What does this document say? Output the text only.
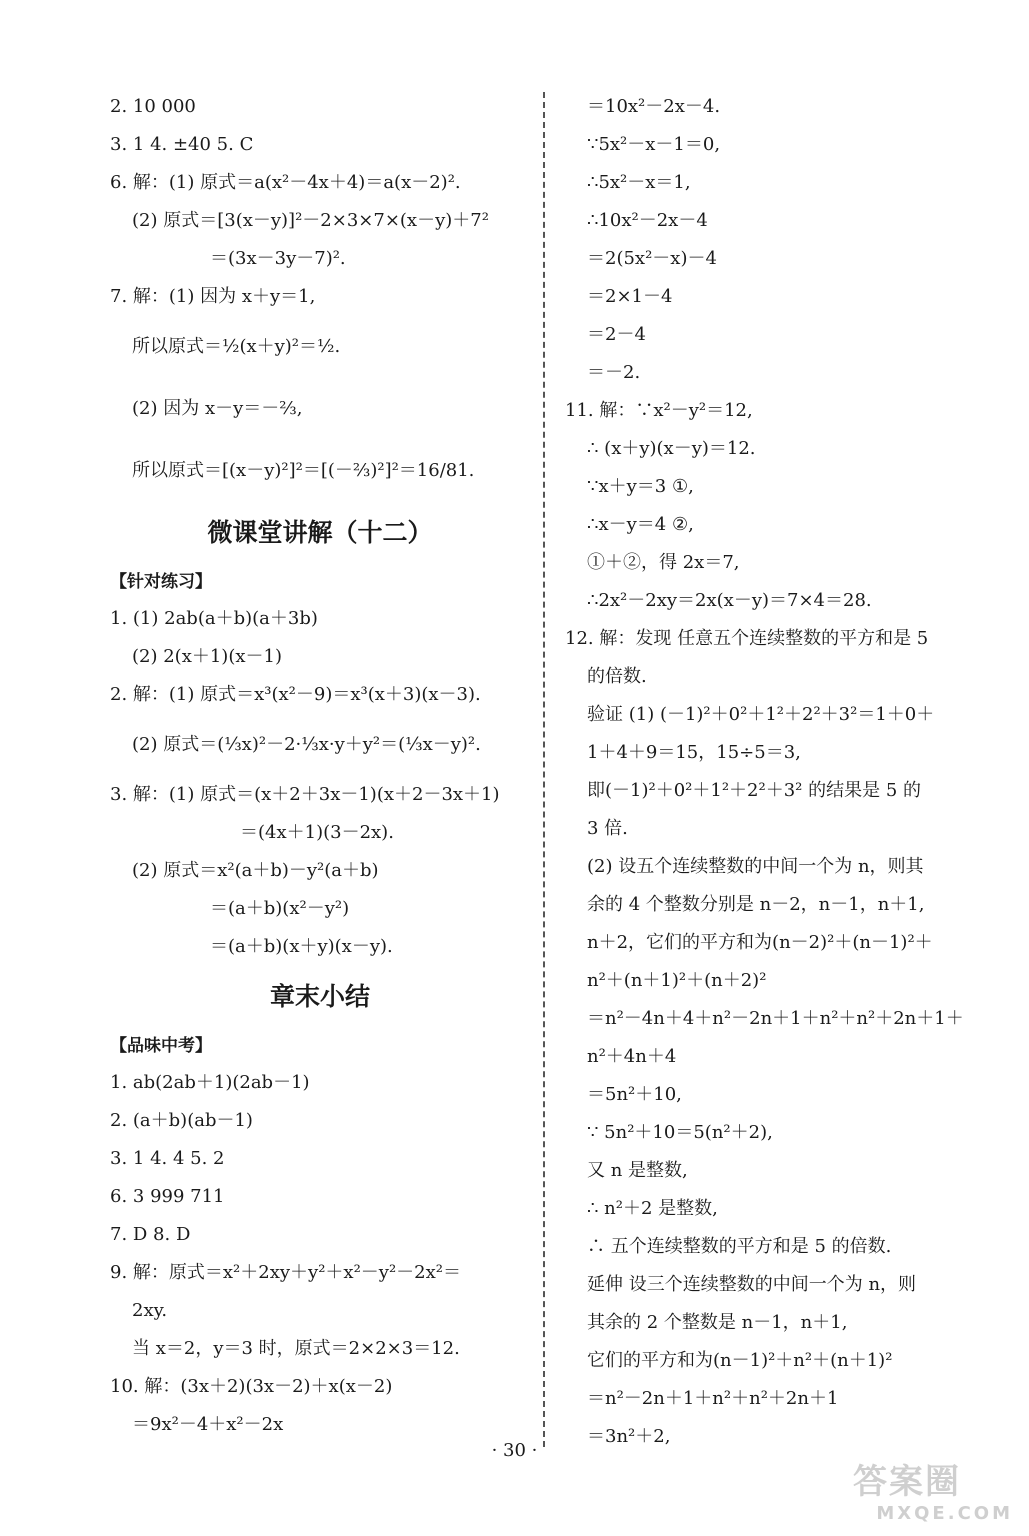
2. 10 000
3. 1 4. ±40 5. C
6. 解：(1) 原式＝a(x²－4x＋4)＝a(x－2)².
(2) 原式＝[3(x－y)]²－2×3×7×(x－y)＋7²
＝(3x－3y－7)².
7. 解：(1) 因为 x＋y＝1,
所以原式＝½(x＋y)²＝½.
(2) 因为 x－y＝－⅔,
所以原式＝[(x－y)²]²＝[(－⅔)²]²＝16/81.
微课堂讲解（十二）
【针对练习】
1. (1) 2ab(a＋b)(a＋3b)
(2) 2(x＋1)(x－1)
2. 解：(1) 原式＝x³(x²－9)＝x³(x＋3)(x－3).
(2) 原式＝(⅓x)²－2·⅓x·y＋y²＝(⅓x－y)².
3. 解：(1) 原式＝(x＋2＋3x－1)(x＋2－3x＋1)
＝(4x＋1)(3－2x).
(2) 原式＝x²(a＋b)－y²(a＋b)
＝(a＋b)(x²－y²)
＝(a＋b)(x＋y)(x－y).
章末小结
【品味中考】
1. ab(2ab＋1)(2ab－1)
2. (a＋b)(ab－1)
3. 1 4. 4 5. 2
6. 3 999 711
7. D 8. D
9. 解：原式＝x²＋2xy＋y²＋x²－y²－2x²＝
2xy.
当 x＝2，y＝3 时，原式＝2×2×3＝12.
10. 解：(3x＋2)(3x－2)＋x(x－2)
＝9x²－4＋x²－2x
＝10x²－2x－4.
∵5x²－x－1＝0,
∴5x²－x＝1,
∴10x²－2x－4
＝2(5x²－x)－4
＝2×1－4
＝2－4
＝－2.
11. 解：∵x²－y²＝12,
∴ (x＋y)(x－y)＝12.
∵x＋y＝3 ①,
∴x－y＝4 ②,
①＋②，得 2x＝7,
∴2x²－2xy＝2x(x－y)＝7×4＝28.
12. 解：发现 任意五个连续整数的平方和是 5
的倍数.
验证 (1) (－1)²＋0²＋1²＋2²＋3²＝1＋0＋
1＋4＋9＝15，15÷5＝3,
即(－1)²＋0²＋1²＋2²＋3² 的结果是 5 的
3 倍.
(2) 设五个连续整数的中间一个为 n，则其
余的 4 个整数分别是 n－2，n－1，n＋1,
n＋2，它们的平方和为(n－2)²＋(n－1)²＋
n²＋(n＋1)²＋(n＋2)²
＝n²－4n＋4＋n²－2n＋1＋n²＋n²＋2n＋1＋
n²＋4n＋4
＝5n²＋10,
∵ 5n²＋10＝5(n²＋2),
又 n 是整数,
∴ n²＋2 是整数,
∴ 五个连续整数的平方和是 5 的倍数.
延伸 设三个连续整数的中间一个为 n，则
其余的 2 个整数是 n－1，n＋1,
它们的平方和为(n－1)²＋n²＋(n＋1)²
＝n²－2n＋1＋n²＋n²＋2n＋1
＝3n²＋2,
· 30 ·
答案圈
MXQE.COM
